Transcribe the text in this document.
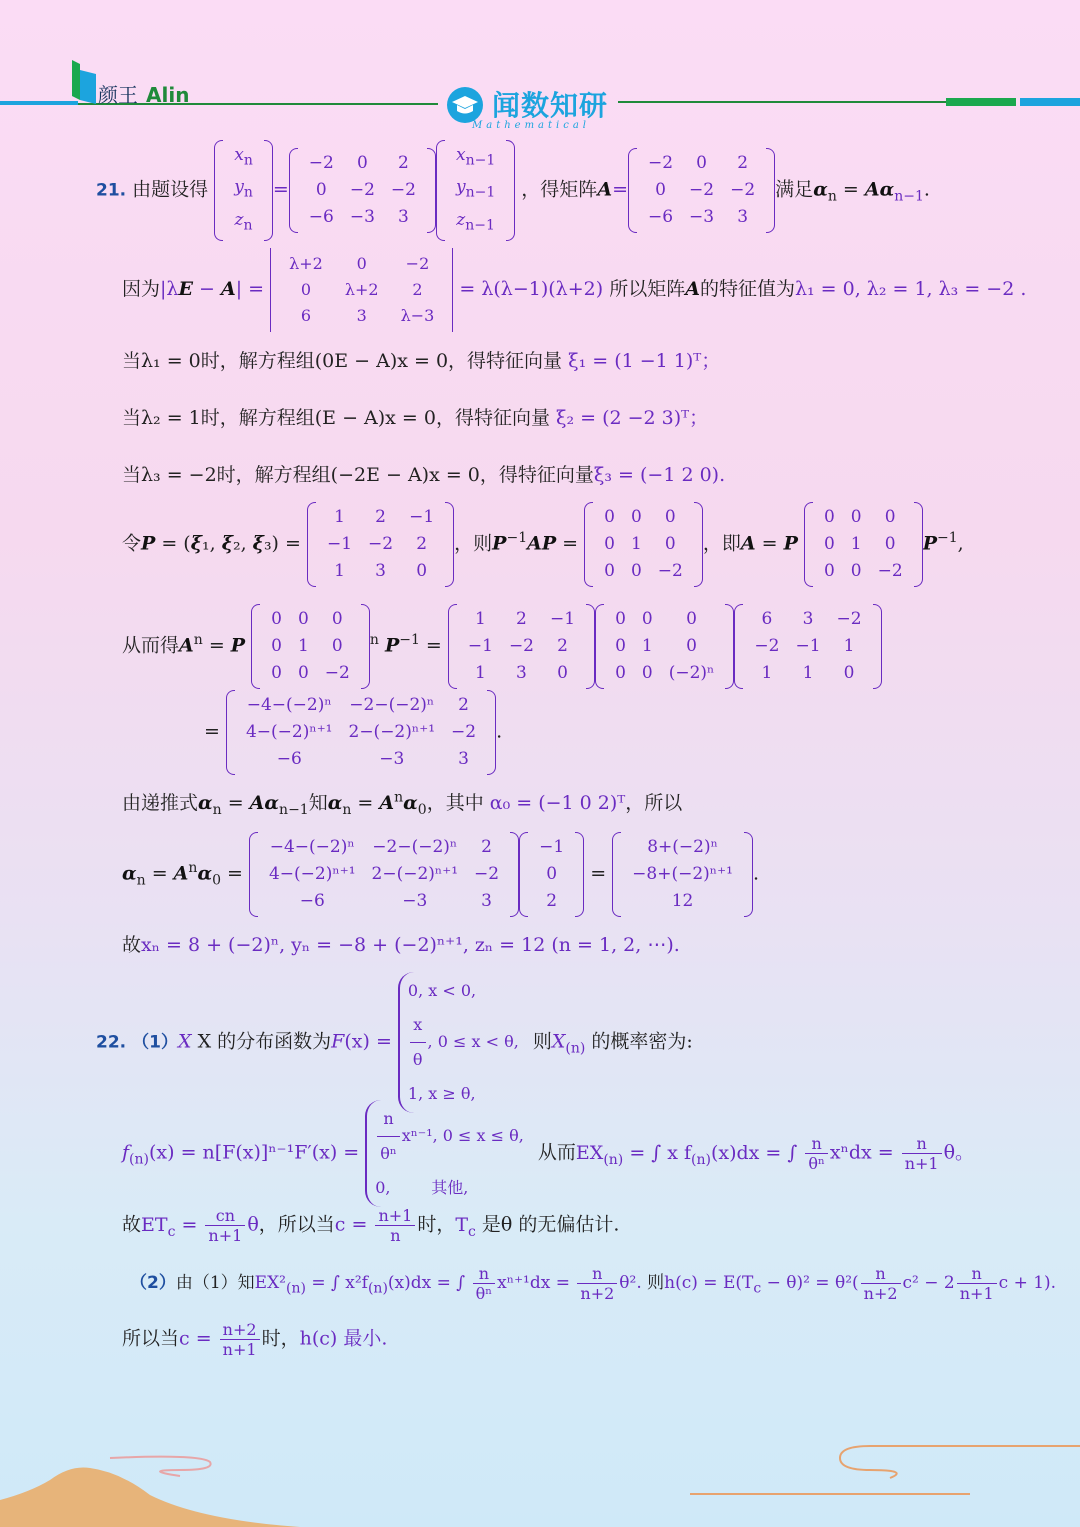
颜王 Alin	闻数知研
Mathematical
21. 由题设得
$x_n$
$y_n$
$z_n$
=
−2	0	2
0	−2	−2
−6	−3	3
$x_{n-1}$
$y_{n-1}$
$z_{n-1}$
，得矩阵A=
−2	0	2
0	−2	−2
−6	−3	3
满足$\alpha_n = A\alpha_{n-1}$.
因为|λE − A| =
λ+2	0	−2
0	λ+2	2
6	3	λ−3
= λ(λ−1)(λ+2) 所以矩阵A的特征值为λ₁ = 0, λ₂ = 1, λ₃ = −2 .
当λ₁ = 0时，解方程组(0E − A)x = 0，得特征向量 ξ₁ = (1 −1 1)ᵀ；
当λ₂ = 1时，解方程组(E − A)x = 0，得特征向量 ξ₂ = (2 −2 3)ᵀ；
当λ₃ = −2时，解方程组(−2E − A)x = 0，得特征向量ξ₃ = (−1 2 0).
令P = (ξ₁, ξ₂, ξ₃) =
1	2	−1
−1	−2	2
1	3	0
，则$P^{-1}AP$ =
0	0	0
0	1	0
0	0	−2
，即A = P
0	0	0
0	1	0
0	0	−2
$P^{-1}$,
从而得$A^n = P$
0	0	0
0	1	0
0	0	−2
$^n$ $P^{-1}$ =
1	2	−1
−1	−2	2
1	3	0
0	0	0
0	1	0
0	0	(−2)ⁿ
6	3	−2
−2	−1	1
1	1	0
=
−4−(−2)ⁿ	−2−(−2)ⁿ	2
4−(−2)ⁿ⁺¹	2−(−2)ⁿ⁺¹	−2
−6	−3	3
.
由递推式$\alpha_n = A\alpha_{n-1}$知$\alpha_n = A^n\alpha_0$，其中 α₀ = (−1 0 2)ᵀ，所以
$\alpha_n = A^n\alpha_0$ =
−4−(−2)ⁿ	−2−(−2)ⁿ	2
4−(−2)ⁿ⁺¹	2−(−2)ⁿ⁺¹	−2
−6	−3	3
−1
0
2
=
8+(−2)ⁿ
−8+(−2)ⁿ⁺¹
12
.
故xₙ = 8 + (−2)ⁿ, yₙ = −8 + (−2)ⁿ⁺¹, zₙ = 12 (n = 1, 2, ⋯).
22. （1）X X 的分布函数为F(x) =
0, x < 0,
$\frac{x}{\theta}$ , 0 ≤ x < θ,
1, x ≥ θ,
则$X_{(n)}$ 的概率密为:
$f_{(n)}(x) = n[F(x)]^{n-1}F'(x) = \frac{n}{\text{θⁿ}} x^{n-1}$, 0 ≤ x ≤ θ,
0,	其他,
从而$EX_{(n)}$ = ∫ x $f_{(n)}(x)dx$ = ∫ $\frac{n}{\text{θⁿ}}$ $x^ndx = \frac{n}{n+1}$ θ。
故$ET_c = \frac{cn}{n+1}$ θ，所以当$c = \frac{n+1}{n}$ 时，$T_c$ 是θ 的无偏估计.
（2）由（1）知$EX^2_{(n)}$ = ∫ $x^2f_{(n)}(x)dx$ = ∫ $\frac{n}{\text{θⁿ}} x^{n+1}dx = \frac{n}{n+2} \theta^2$. 则$h(c) = E(T_c - \theta)^2 = \theta^2( \frac{n}{n+2} c^2 - 2 \frac{n}{n+1}$ c + 1).
所以当$c = \frac{n+2}{n+1}$ 时，h(c) 最小.
